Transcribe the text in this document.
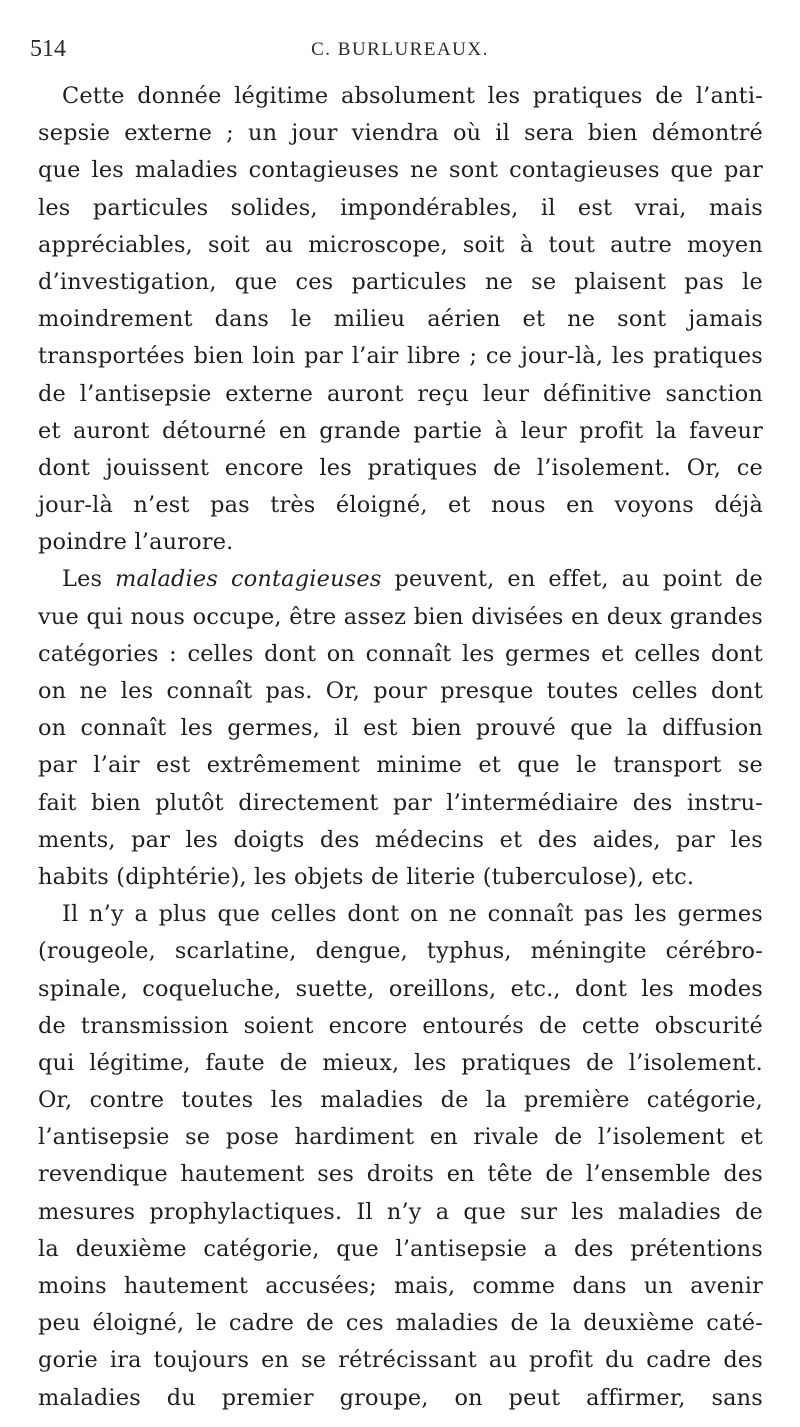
514	C. BURLUREAUX.
Cette donnée légitime absolument les pratiques de l’anti-
sepsie externe ; un jour viendra où il sera bien démontré
que les maladies contagieuses ne sont contagieuses que par
les particules solides, impondérables, il est vrai, mais
appréciables, soit au microscope, soit à tout autre moyen
d’investigation, que ces particules ne se plaisent pas le
moindrement dans le milieu aérien et ne sont jamais
transportées bien loin par l’air libre ; ce jour-là, les pratiques
de l’antisepsie externe auront reçu leur définitive sanction
et auront détourné en grande partie à leur profit la faveur
dont jouissent encore les pratiques de l’isolement. Or, ce
jour-là n’est pas très éloigné, et nous en voyons déjà
poindre l’aurore.
Les maladies contagieuses peuvent, en effet, au point de
vue qui nous occupe, être assez bien divisées en deux grandes
catégories : celles dont on connaît les germes et celles dont
on ne les connaît pas. Or, pour presque toutes celles dont
on connaît les germes, il est bien prouvé que la diffusion
par l’air est extrêmement minime et que le transport se
fait bien plutôt directement par l’intermédiaire des instru-
ments, par les doigts des médecins et des aides, par les
habits (diphtérie), les objets de literie (tuberculose), etc.
Il n’y a plus que celles dont on ne connaît pas les germes
(rougeole, scarlatine, dengue, typhus, méningite cérébro-
spinale, coqueluche, suette, oreillons, etc., dont les modes
de transmission soient encore entourés de cette obscurité
qui légitime, faute de mieux, les pratiques de l’isolement.
Or, contre toutes les maladies de la première catégorie,
l’antisepsie se pose hardiment en rivale de l’isolement et
revendique hautement ses droits en tête de l’ensemble des
mesures prophylactiques. Il n’y a que sur les maladies de
la deuxième catégorie, que l’antisepsie a des prétentions
moins hautement accusées; mais, comme dans un avenir
peu éloigné, le cadre de ces maladies de la deuxième caté-
gorie ira toujours en se rétrécissant au profit du cadre des
maladies du premier groupe, on peut affirmer, sans
